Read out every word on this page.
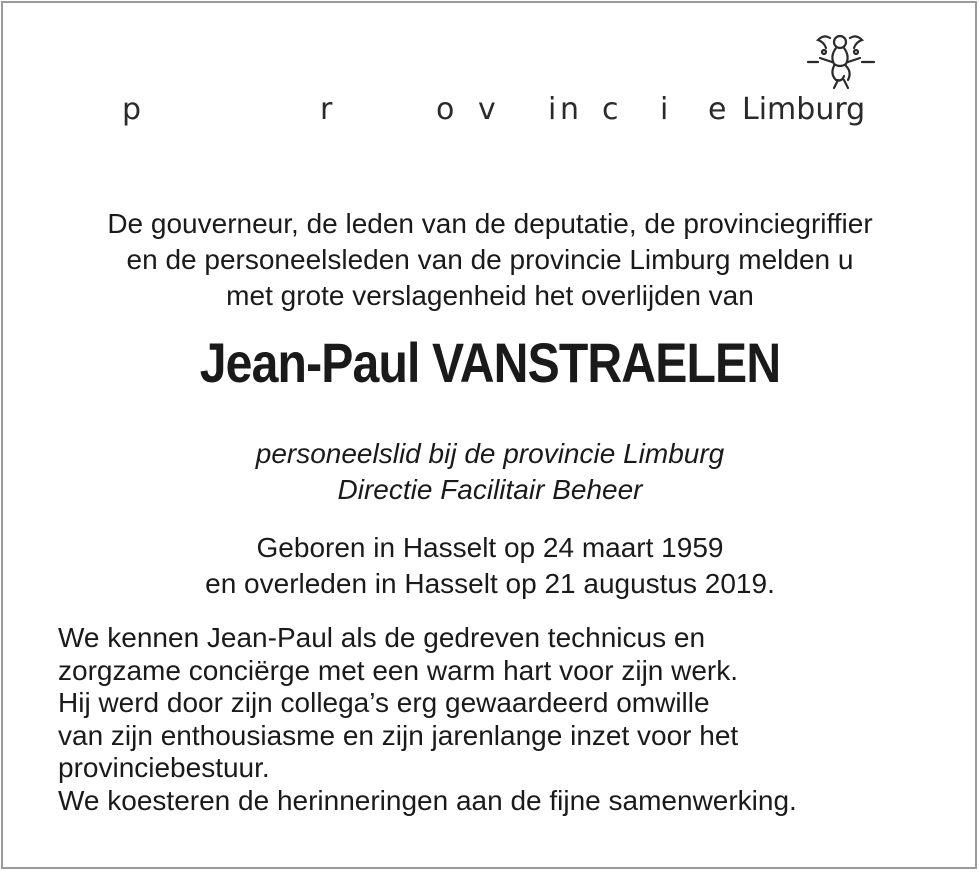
p	r	o v i n c i e Limburg
De gouverneur, de leden van de deputatie, de provinciegriffier
en de personeelsleden van de provincie Limburg melden u
met grote verslagenheid het overlijden van
Jean-Paul VANSTRAELEN
personeelslid bij de provincie Limburg
Directie Facilitair Beheer
Geboren in Hasselt op 24 maart 1959
en overleden in Hasselt op 21 augustus 2019.
We kennen Jean-Paul als de gedreven technicus en
zorgzame conciërge met een warm hart voor zijn werk.
Hij werd door zijn collega’s erg gewaardeerd omwille
van zijn enthousiasme en zijn jarenlange inzet voor het
provinciebestuur.
We koesteren de herinneringen aan de fijne samenwerking.
